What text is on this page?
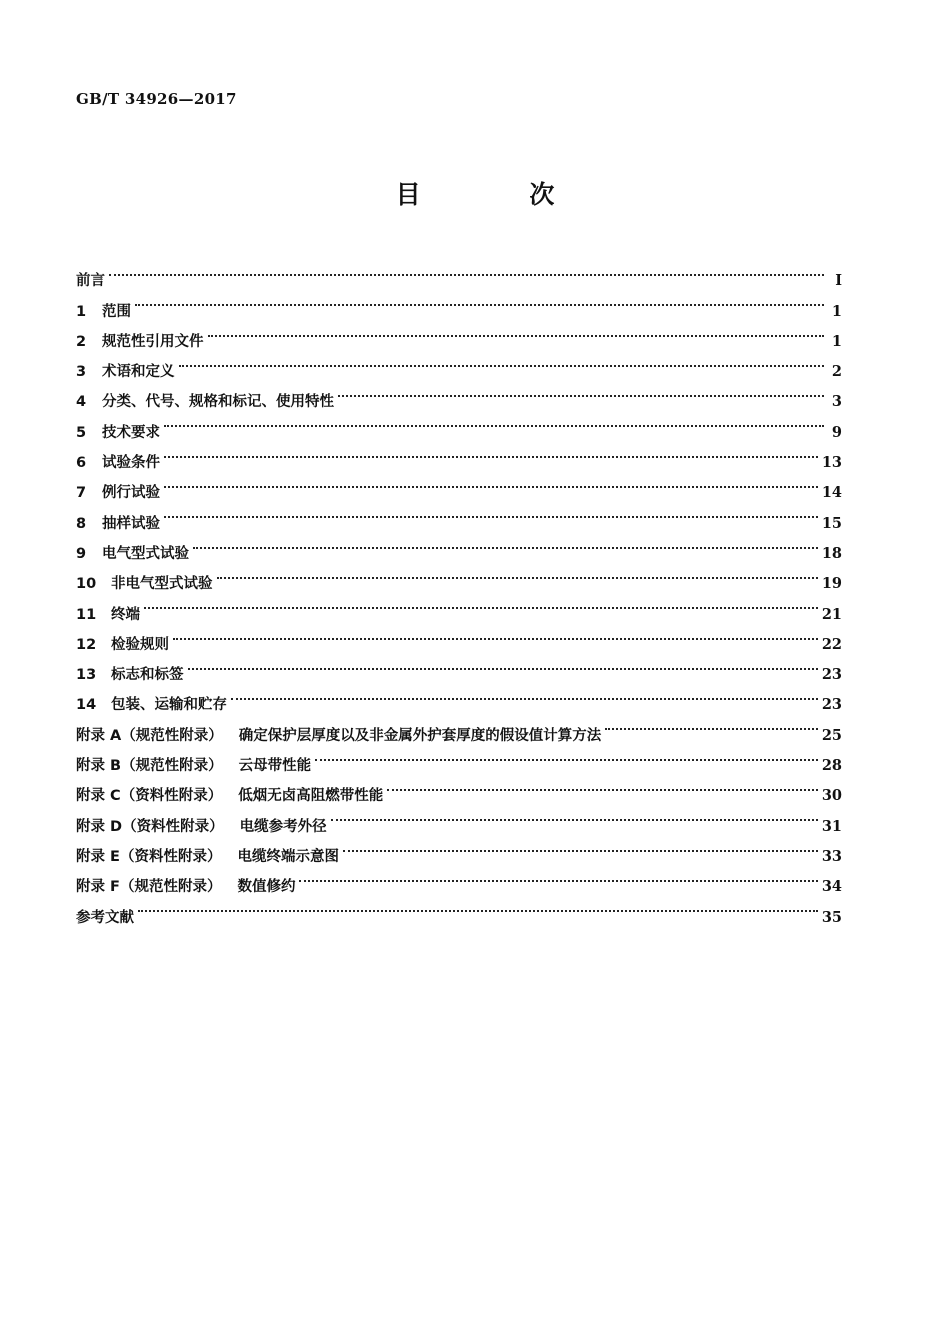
GB/T 34926—2017
目 次
前言	I
1	范围	1
2	规范性引用文件	1
3	术语和定义	2
4	分类、代号、规格和标记、使用特性	3
5	技术要求	9
6	试验条件	13
7	例行试验	14
8	抽样试验	15
9	电气型式试验	18
10	非电气型式试验	19
11	终端	21
12	检验规则	22
13	标志和标签	23
14	包装、运输和贮存	23
附录 A（规范性附录） 确定保护层厚度以及非金属外护套厚度的假设值计算方法	25
附录 B（规范性附录） 云母带性能	28
附录 C（资料性附录） 低烟无卤高阻燃带性能	30
附录 D（资料性附录） 电缆参考外径	31
附录 E（资料性附录） 电缆终端示意图	33
附录 F（规范性附录） 数值修约	34
参考文献	35
